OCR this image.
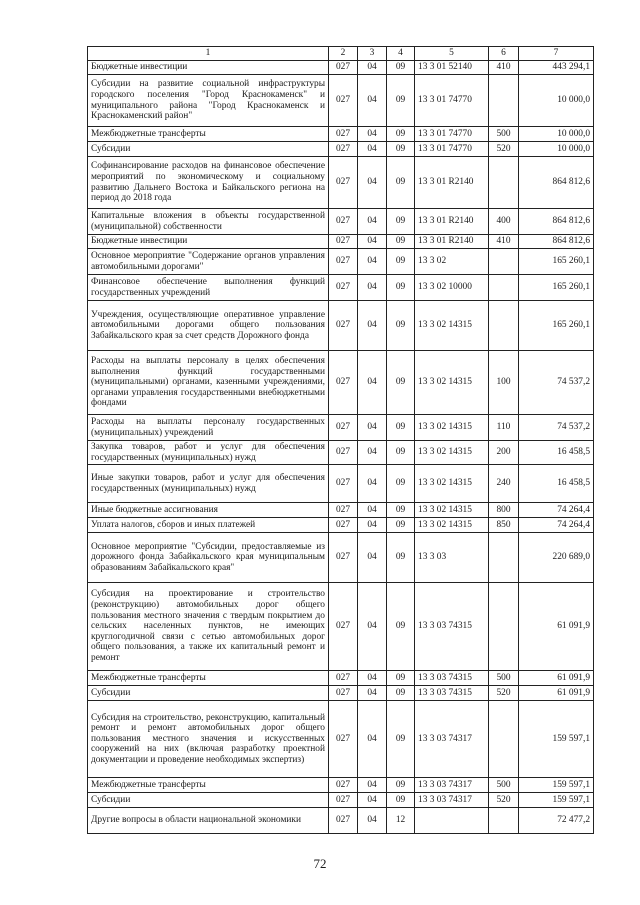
1	2	3	4	5	6	7
Бюджетные инвестиции	027	04	09	13 3 01 52140	410	443 294,1
Субсидии на развитие социальной инфраструктуры городского поселения "Город Краснокаменск" и муниципального района "Город Краснокаменск и Краснокаменский район"	027	04	09	13 3 01 74770		10 000,0
Межбюджетные трансферты	027	04	09	13 3 01 74770	500	10 000,0
Субсидии	027	04	09	13 3 01 74770	520	10 000,0
Софинансирование расходов на финансовое обеспечение мероприятий по экономическому и социальному развитию Дальнего Востока и Байкальского региона на период до 2018 года	027	04	09	13 3 01 R2140		864 812,6
Капитальные вложения в объекты государственной (муниципальной) собственности	027	04	09	13 3 01 R2140	400	864 812,6
Бюджетные инвестиции	027	04	09	13 3 01 R2140	410	864 812,6
Основное мероприятие "Содержание органов управления автомобильными дорогами"	027	04	09	13 3 02		165 260,1
Финансовое обеспечение выполнения функций государственных учреждений	027	04	09	13 3 02 10000		165 260,1
Учреждения, осуществляющие оперативное управление автомобильными дорогами общего пользования Забайкальского края за счет средств Дорожного фонда	027	04	09	13 3 02 14315		165 260,1
Расходы на выплаты персоналу в целях обеспечения выполнения функций государственными (муниципальными) органами, казенными учреждениями, органами управления государственными внебюджетными фондами	027	04	09	13 3 02 14315	100	74 537,2
Расходы на выплаты персоналу государственных (муниципальных) учреждений	027	04	09	13 3 02 14315	110	74 537,2
Закупка товаров, работ и услуг для обеспечения государственных (муниципальных) нужд	027	04	09	13 3 02 14315	200	16 458,5
Иные закупки товаров, работ и услуг для обеспечения государственных (муниципальных) нужд	027	04	09	13 3 02 14315	240	16 458,5
Иные бюджетные ассигнования	027	04	09	13 3 02 14315	800	74 264,4
Уплата налогов, сборов и иных платежей	027	04	09	13 3 02 14315	850	74 264,4
Основное мероприятие "Субсидии, предоставляемые из дорожного фонда Забайкальского края муниципальным образованиям Забайкальского края"	027	04	09	13 3 03		220 689,0
Субсидия на проектирование и строительство (реконструкцию) автомобильных дорог общего пользования местного значения с твердым покрытием до сельских населенных пунктов, не имеющих круглогодичной связи с сетью автомобильных дорог общего пользования, а также их капитальный ремонт и ремонт	027	04	09	13 3 03 74315		61 091,9
Межбюджетные трансферты	027	04	09	13 3 03 74315	500	61 091,9
Субсидии	027	04	09	13 3 03 74315	520	61 091,9
Субсидия на строительство, реконструкцию, капитальный ремонт и ремонт автомобильных дорог общего пользования местного значения и искусственных сооружений на них (включая разработку проектной документации и проведение необходимых экспертиз)	027	04	09	13 3 03 74317		159 597,1
Межбюджетные трансферты	027	04	09	13 3 03 74317	500	159 597,1
Субсидии	027	04	09	13 3 03 74317	520	159 597,1
Другие вопросы в области национальной экономики	027	04	12			72 477,2
72
